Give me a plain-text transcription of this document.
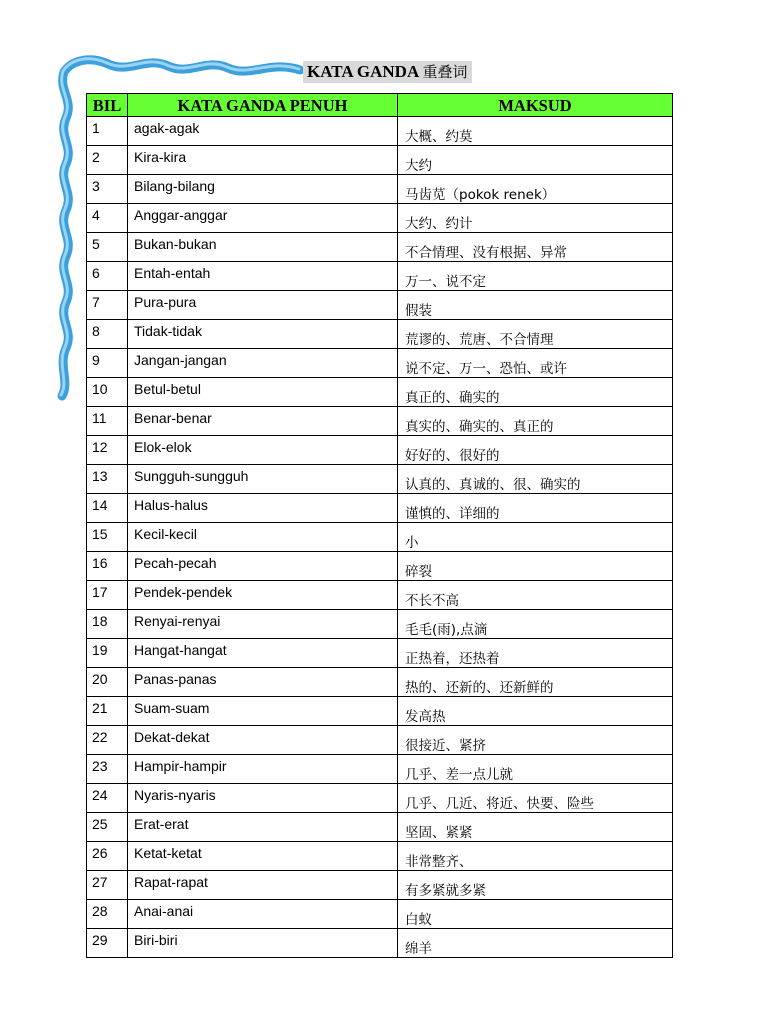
KATA GANDA 重叠词
BIL	KATA GANDA PENUH	MAKSUD
1	agak-agak	大概、约莫
2	Kira-kira	大约
3	Bilang-bilang	马齿苋（pokok renek）
4	Anggar-anggar	大约、约计
5	Bukan-bukan	不合情理、没有根据、异常
6	Entah-entah	万一、说不定
7	Pura-pura	假装
8	Tidak-tidak	荒谬的、荒唐、不合情理
9	Jangan-jangan	说不定、万一、恐怕、或许
10	Betul-betul	真正的、确实的
11	Benar-benar	真实的、确实的、真正的
12	Elok-elok	好好的、很好的
13	Sungguh-sungguh	认真的、真诚的、很、确实的
14	Halus-halus	谨慎的、详细的
15	Kecil-kecil	小
16	Pecah-pecah	碎裂
17	Pendek-pendek	不长不高
18	Renyai-renyai	毛毛(雨),点滴
19	Hangat-hangat	正热着，还热着
20	Panas-panas	热的、还新的、还新鲜的
21	Suam-suam	发高热
22	Dekat-dekat	很接近、紧挤
23	Hampir-hampir	几乎、差一点儿就
24	Nyaris-nyaris	几乎、几近、将近、快要、险些
25	Erat-erat	坚固、紧紧
26	Ketat-ketat	非常整齐、
27	Rapat-rapat	有多紧就多紧
28	Anai-anai	白蚁
29	Biri-biri	绵羊
